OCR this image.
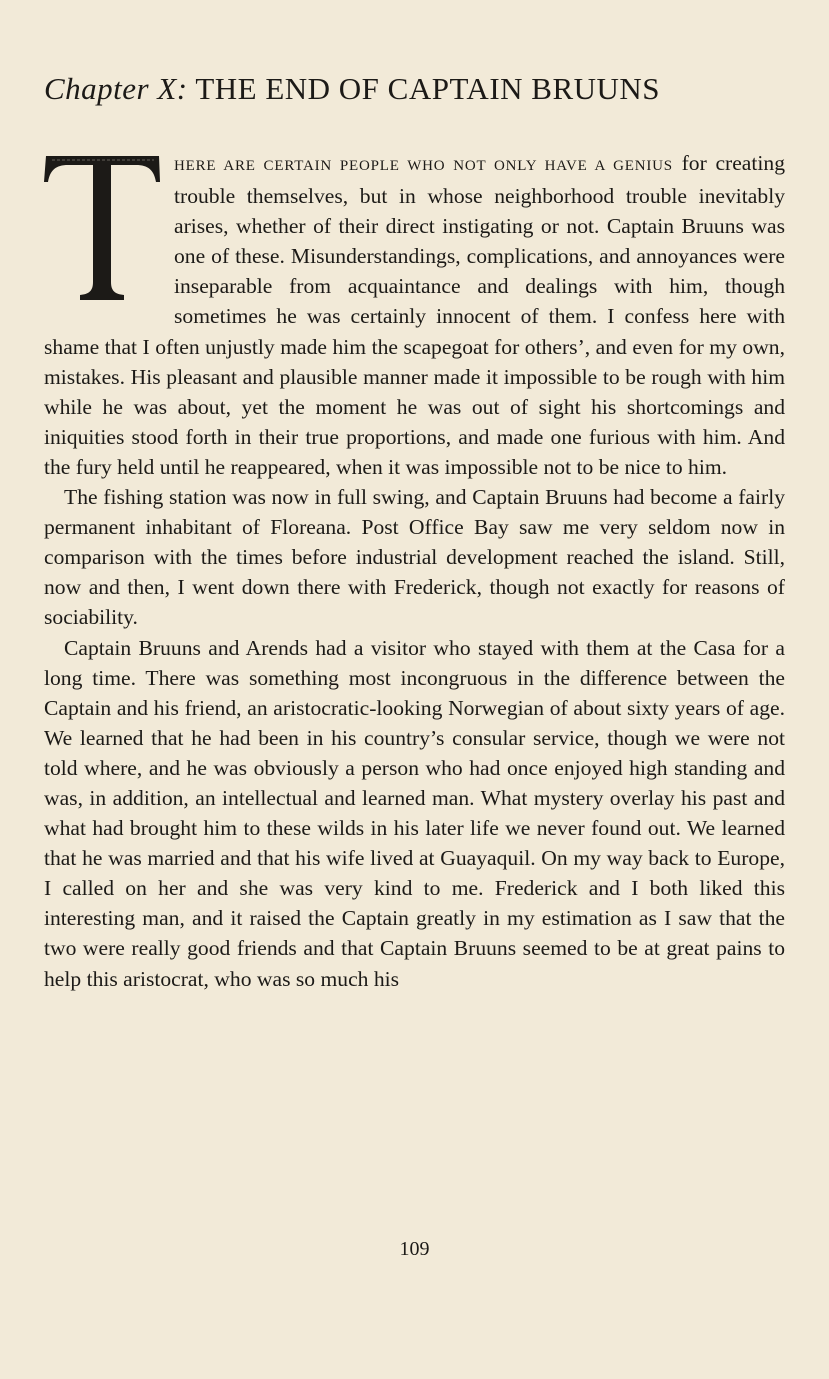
Chapter X: THE END OF CAPTAIN BRUUNS

HERE ARE CERTAIN PEOPLE WHO NOT ONLY HAVE A GENIUS for creating trouble themselves, but in whose neighborhood trouble inevitably arises, whether of their direct instigating or not. Captain Bruuns was one of these. Misunderstandings, complications, and annoyances were inseparable from acquaintance and dealings with him, though sometimes he was certainly innocent of them. I confess here with shame that I often unjustly made him the scapegoat for others’, and even for my own, mistakes. His pleasant and plausible manner made it impossible to be rough with him while he was about, yet the moment he was out of sight his shortcomings and iniquities stood forth in their true proportions, and made one furious with him. And the fury held until he reappeared, when it was impossible not to be nice to him.

The fishing station was now in full swing, and Captain Bruuns had become a fairly permanent inhabitant of Floreana. Post Office Bay saw me very seldom now in comparison with the times before industrial development reached the island. Still, now and then, I went down there with Frederick, though not exactly for reasons of sociability.

Captain Bruuns and Arends had a visitor who stayed with them at the Casa for a long time. There was something most incongruous in the difference between the Captain and his friend, an aristocratic-looking Norwegian of about sixty years of age. We learned that he had been in his country’s consular service, though we were not told where, and he was obviously a person who had once enjoyed high standing and was, in addition, an intellectual and learned man. What mystery overlay his past and what had brought him to these wilds in his later life we never found out. We learned that he was married and that his wife lived at Guayaquil. On my way back to Europe, I called on her and she was very kind to me. Frederick and I both liked this interesting man, and it raised the Captain greatly in my estimation as I saw that the two were really good friends and that Captain Bruuns seemed to be at great pains to help this aristocrat, who was so much his

109
